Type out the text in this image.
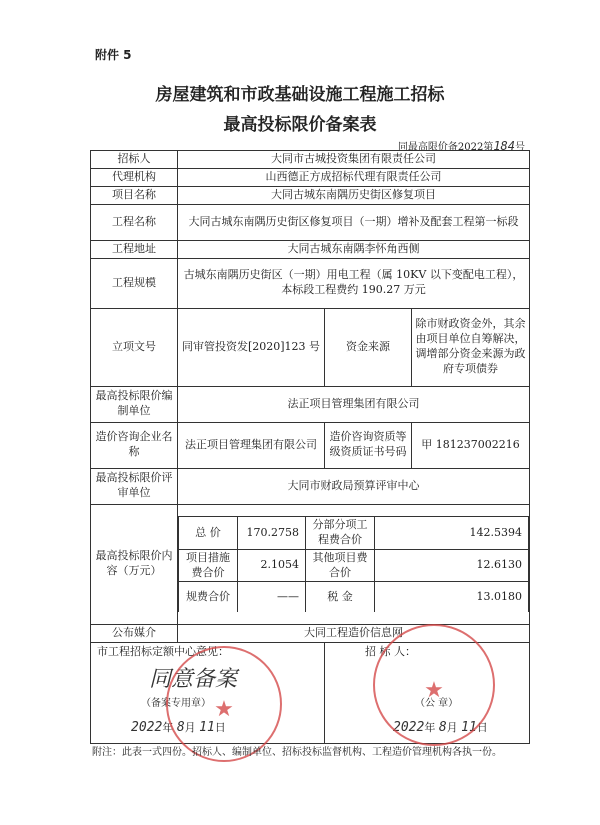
附件 5
房屋建筑和市政基础设施工程施工招标
最高投标限价备案表
同最高限价备2022第184号
招标人	大同市古城投资集团有限责任公司
代理机构	山西德正方成招标代理有限责任公司
项目名称	大同古城东南隅历史街区修复项目
工程名称	大同古城东南隅历史街区修复项目（一期）增补及配套工程第一标段
工程地址	大同古城东南隅李怀角西侧
工程规模	古城东南隅历史街区（一期）用电工程（属 10KV 以下变配电工程），本标段工程费约 190.27 万元
立项文号	同审管投资发[2020]123 号	资金来源	除市财政资金外，其余由项目单位自筹解决，调增部分资金来源为政府专项债券
最高投标限价编制单位	法正项目管理集团有限公司
造价咨询企业名称	法正项目管理集团有限公司	造价咨询资质等级资质证书号码	甲 181237002216
最高投标限价评审单位	大同市财政局预算评审中心
最高投标限价内容（万元）	
总 价	170.2758	分部分项工程费合价	142.5394
项目措施费合价	2.1054	其他项目费合价	12.6130
规费合价	——	税 金	13.0180

公布媒介	大同工程造价信息网

市工程招标定额中心意见：
同意备案
（备案专用章）
2022年 8月 11日

招 标 人：
（公 章）
2022年 8月 11日
★
★
附注：此表一式四份。招标人、编制单位、招标投标监督机构、工程造价管理机构各执一份。
